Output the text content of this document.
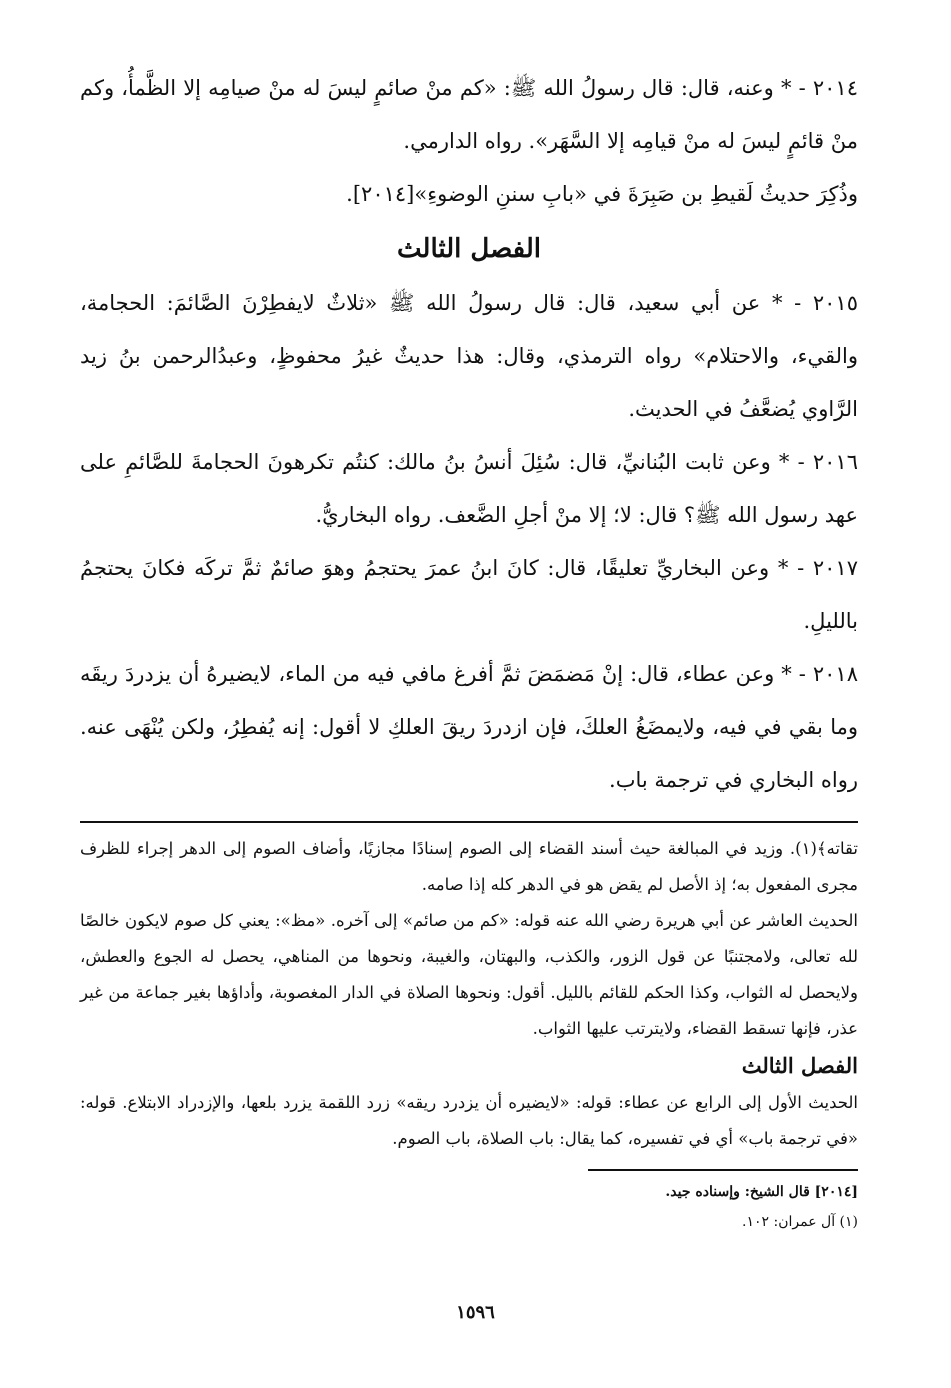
٢٠١٤ - * وعنه، قال: قال رسولُ الله ﷺ: «كم منْ صائمٍ ليسَ له منْ صيامِه إلا الظَّمأُ، وكم منْ قائمٍ ليسَ له منْ قيامِه إلا السَّهَر». رواه الدارمي.

وذُكِرَ حديثُ لَقيطِ بن صَبِرَةَ في «بابِ سننِ الوضوءِ»[٢٠١٤].

الفصل الثالث

٢٠١٥ - * عن أبي سعيد، قال: قال رسولُ الله ﷺ «ثلاثٌ لايفطِرْنَ الصَّائمَ: الحجامة، والقيء، والاحتلام» رواه الترمذي، وقال: هذا حديثٌ غيرُ محفوظٍ، وعبدُالرحمن بنُ زيد الرَّاوي يُضعَّفُ في الحديث.

٢٠١٦ - * وعن ثابت البُنانيِّ، قال: سُئِلَ أنسُ بنُ مالك: كنتُم تكرهونَ الحجامةَ للصَّائمِ على عهد رسول الله ﷺ؟ قال: لا؛ إلا منْ أجلِ الضَّعف. رواه البخاريُّ.

٢٠١٧ - * وعن البخاريِّ تعليقًا، قال: كانَ ابنُ عمرَ يحتجمُ وهوَ صائمٌ ثمَّ تركَه فكانَ يحتجمُ بالليلِ.

٢٠١٨ - * وعن عطاء، قال: إنْ مَضمَضَ ثمَّ أفرغ مافي فيه من الماء، لايضيرهُ أن يزدردَ ريقَه وما بقي في فيه، ولايمضَغُ العلكَ، فإن ازدردَ ريقَ العلكِ لا أقول: إنه يُفطِرُ، ولكن يُنْهَى عنه. رواه البخاري في ترجمة باب.

تقاته﴾(١). وزيد في المبالغة حيث أسند القضاء إلى الصوم إسنادًا مجازيًا، وأضاف الصوم إلى الدهر إجراء للظرف مجرى المفعول به؛ إذ الأصل لم يقض هو في الدهر كله إذا صامه.

الحديث العاشر عن أبي هريرة رضي الله عنه قوله: «كم من صائم» إلى آخره. «مظ»: يعني كل صوم لايكون خالصًا لله تعالى، ولامجتنبًا عن قول الزور، والكذب، والبهتان، والغيبة، ونحوها من المناهي، يحصل له الجوع والعطش، ولايحصل له الثواب، وكذا الحكم للقائم بالليل. أقول: ونحوها الصلاة في الدار المغصوبة، وأداؤها بغير جماعة من غير عذر، فإنها تسقط القضاء، ولايترتب عليها الثواب.

الفصل الثالث

الحديث الأول إلى الرابع عن عطاء: قوله: «لايضيره أن يزدرد ريقه» زرد اللقمة يزرد بلعها، والإزدراد الابتلاع. قوله: «في ترجمة باب» أي في تفسيره، كما يقال: باب الصلاة، باب الصوم.

[٢٠١٤] قال الشيخ: وإسناده جيد.

(١) آل عمران: ١٠٢.

١٥٩٦
